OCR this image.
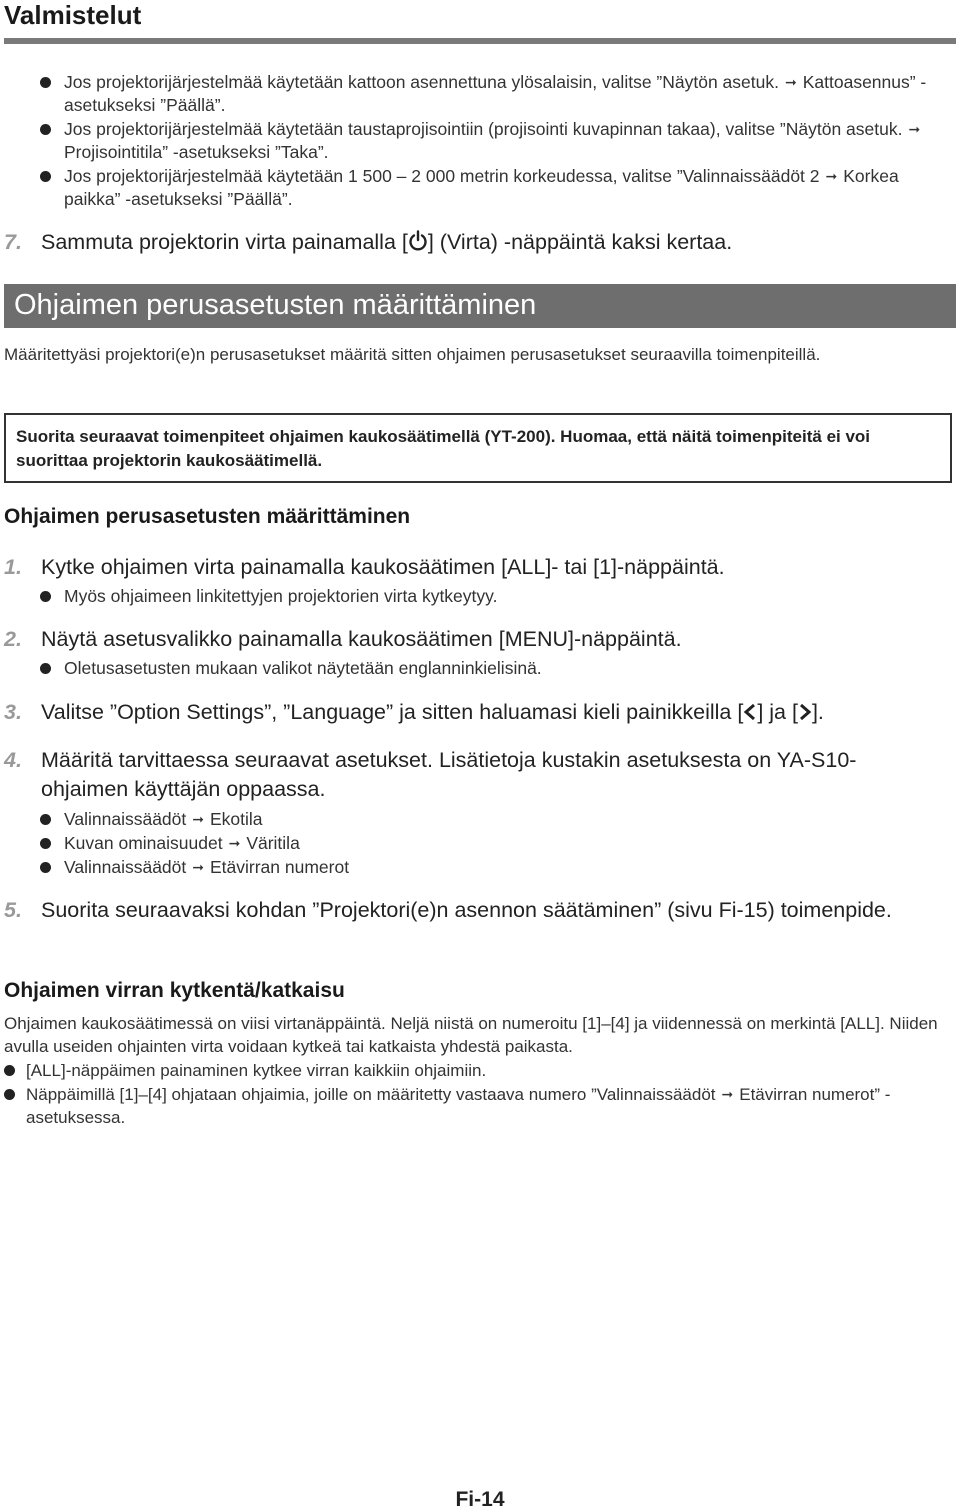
Valmistelut
Jos projektorijärjestelmää käytetään kattoon asennettuna ylösalaisin, valitse ”Näytön asetuk. ➞ Kattoasennus” -asetukseksi ”Päällä”.
Jos projektorijärjestelmää käytetään taustaprojisointiin (projisointi kuvapinnan takaa), valitse ”Näytön asetuk. ➞Projisointitila” -asetukseksi ”Taka”.
Jos projektorijärjestelmää käytetään 1 500 – 2 000 metrin korkeudessa, valitse ”Valinnaissäädöt 2 ➞ Korkea paikka” -asetukseksi ”Päällä”.
7. Sammuta projektorin virta painamalla [ ] (Virta) -näppäintä kaksi kertaa.
Ohjaimen perusasetusten määrittäminen
Määritettyäsi projektori(e)n perusasetukset määritä sitten ohjaimen perusasetukset seuraavilla toimenpiteillä.
Suorita seuraavat toimenpiteet ohjaimen kaukosäätimellä (YT-200). Huomaa, että näitä toimenpiteitä ei voi suorittaa projektorin kaukosäätimellä.
Ohjaimen perusasetusten määrittäminen
1. Kytke ohjaimen virta painamalla kaukosäätimen [ALL]- tai [1]-näppäintä.
Myös ohjaimeen linkitettyjen projektorien virta kytkeytyy.
2. Näytä asetusvalikko painamalla kaukosäätimen [MENU]-näppäintä.
Oletusasetusten mukaan valikot näytetään englanninkielisinä.
3. Valitse ”Option Settings”, ”Language” ja sitten haluamasi kieli painikkeilla [ ] ja [ ].
4. Määritä tarvittaessa seuraavat asetukset. Lisätietoja kustakin asetuksesta on YA-S10-ohjaimen käyttäjän oppaassa.
Valinnaissäädöt ➞ Ekotila
Kuvan ominaisuudet ➞ Väritila
Valinnaissäädöt ➞ Etävirran numerot
5. Suorita seuraavaksi kohdan ”Projektori(e)n asennon säätäminen” (sivu Fi-15) toimenpide.
Ohjaimen virran kytkentä/katkaisu
Ohjaimen kaukosäätimessä on viisi virtanäppäintä. Neljä niistä on numeroitu [1]–[4] ja viidennessä on merkintä [ALL]. Niiden avulla useiden ohjainten virta voidaan kytkeä tai katkaista yhdestä paikasta.
[ALL]-näppäimen painaminen kytkee virran kaikkiin ohjaimiin.
Näppäimillä [1]–[4] ohjataan ohjaimia, joille on määritetty vastaava numero ”Valinnaissäädöt ➞ Etävirran numerot” -asetuksessa.
Fi-14
